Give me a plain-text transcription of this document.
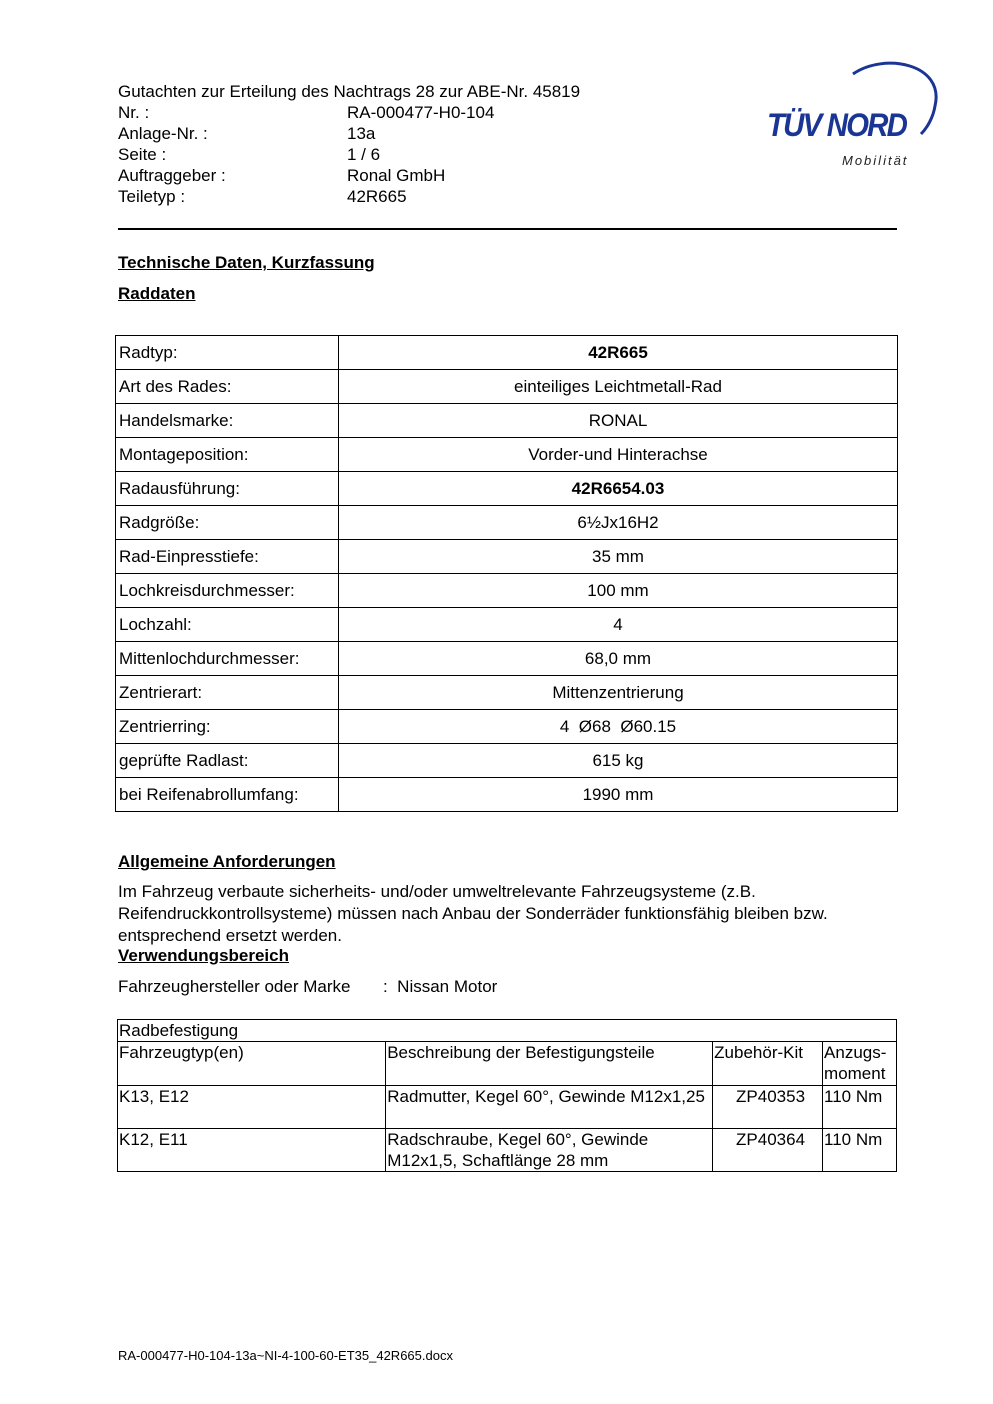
Gutachten zur Erteilung des Nachtrags 28 zur ABE-Nr. 45819
Nr. :	RA-000477-H0-104
Anlage-Nr. :	13a
Seite :	1 / 6
Auftraggeber :	Ronal GmbH
Teiletyp :	42R665
TÜV NORD
Mobilität
Technische Daten, Kurzfassung
Raddaten
Radtyp:	42R665
Art des Rades:	einteiliges Leichtmetall-Rad
Handelsmarke:	RONAL
Montageposition:	Vorder-und Hinterachse
Radausführung:	42R6654.03
Radgröße:	6½Jx16H2
Rad-Einpresstiefe:	35 mm
Lochkreisdurchmesser:	100 mm
Lochzahl:	4
Mittenlochdurchmesser:	68,0 mm
Zentrierart:	Mittenzentrierung
Zentrierring:	4  Ø68  Ø60.15
geprüfte Radlast:	615 kg
bei Reifenabrollumfang:	1990 mm
Allgemeine Anforderungen
Im Fahrzeug verbaute sicherheits- und/oder umweltrelevante Fahrzeugsysteme (z.B. Reifendruckkontrollsysteme) müssen nach Anbau der Sonderräder funktionsfähig bleiben bzw. entsprechend ersetzt werden.
Verwendungsbereich
Fahrzeughersteller oder Marke	:  Nissan Motor
Radbefestigung			
Fahrzeugtyp(en)	Beschreibung der Befestigungsteile	Zubehör-Kit	Anzugs-moment
K13, E12	Radmutter, Kegel 60°, Gewinde M12x1,25	ZP40353	110 Nm
K12, E11	Radschraube, Kegel 60°, Gewinde M12x1,5, Schaftlänge 28 mm	ZP40364	110 Nm
RA-000477-H0-104-13a~NI-4-100-60-ET35_42R665.docx
